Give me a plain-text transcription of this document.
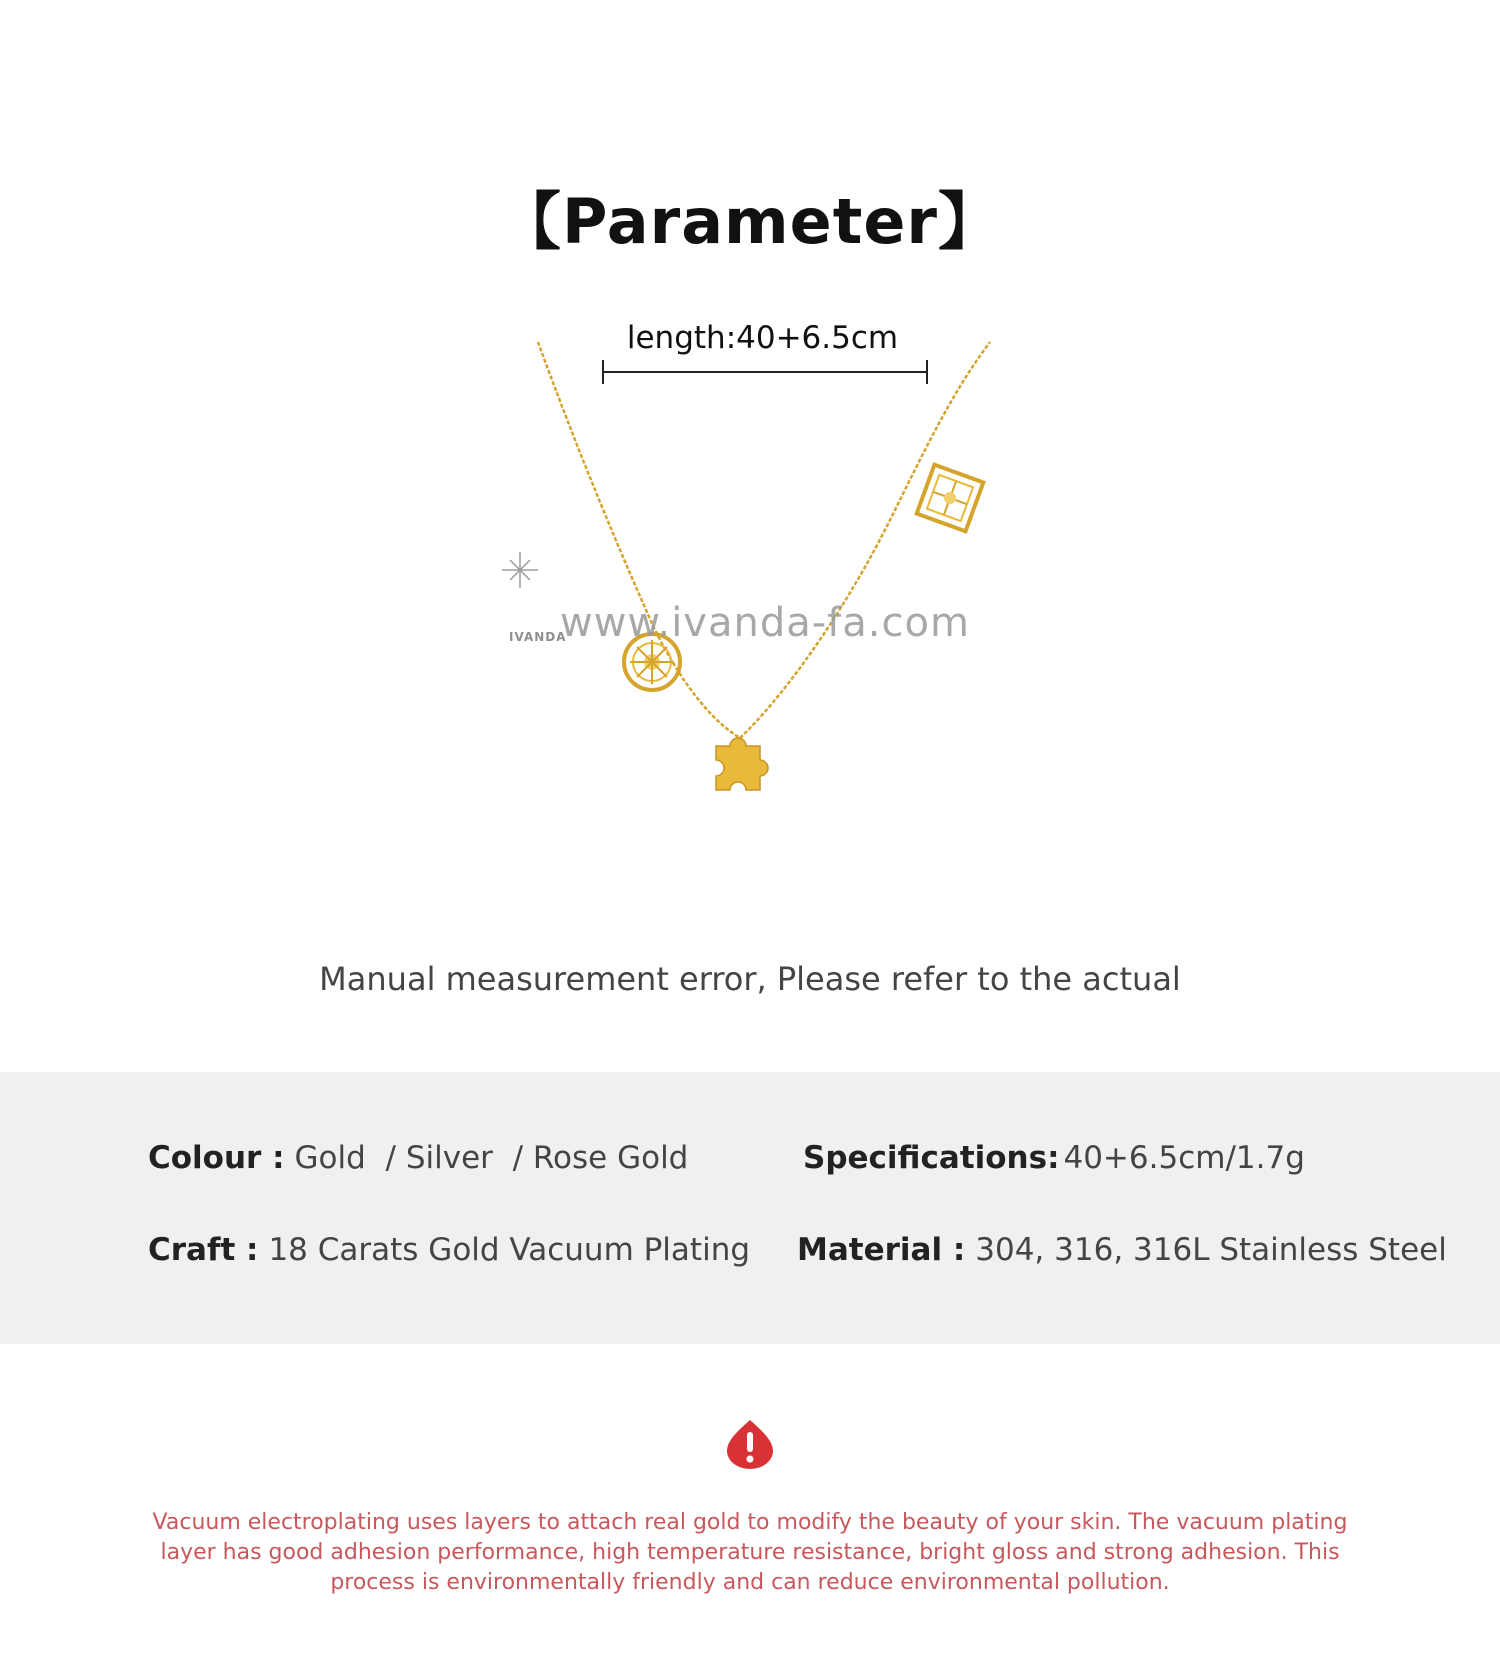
【Parameter】
length:40+6.5cm
www.ivanda-fa.com
IVANDA
Manual measurement error, Please refer to the actual
Colour : Gold  / Silver  / Rose Gold	Specifications: 40+6.5cm/1.7g
Craft : 18 Carats Gold Vacuum Plating Material : 304, 316, 316L Stainless Steel
Vacuum electroplating uses layers to attach real gold to modify the beauty of your skin. The vacuum plating layer has good adhesion performance, high temperature resistance, bright gloss and strong adhesion. This process is environmentally friendly and can reduce environmental pollution.
